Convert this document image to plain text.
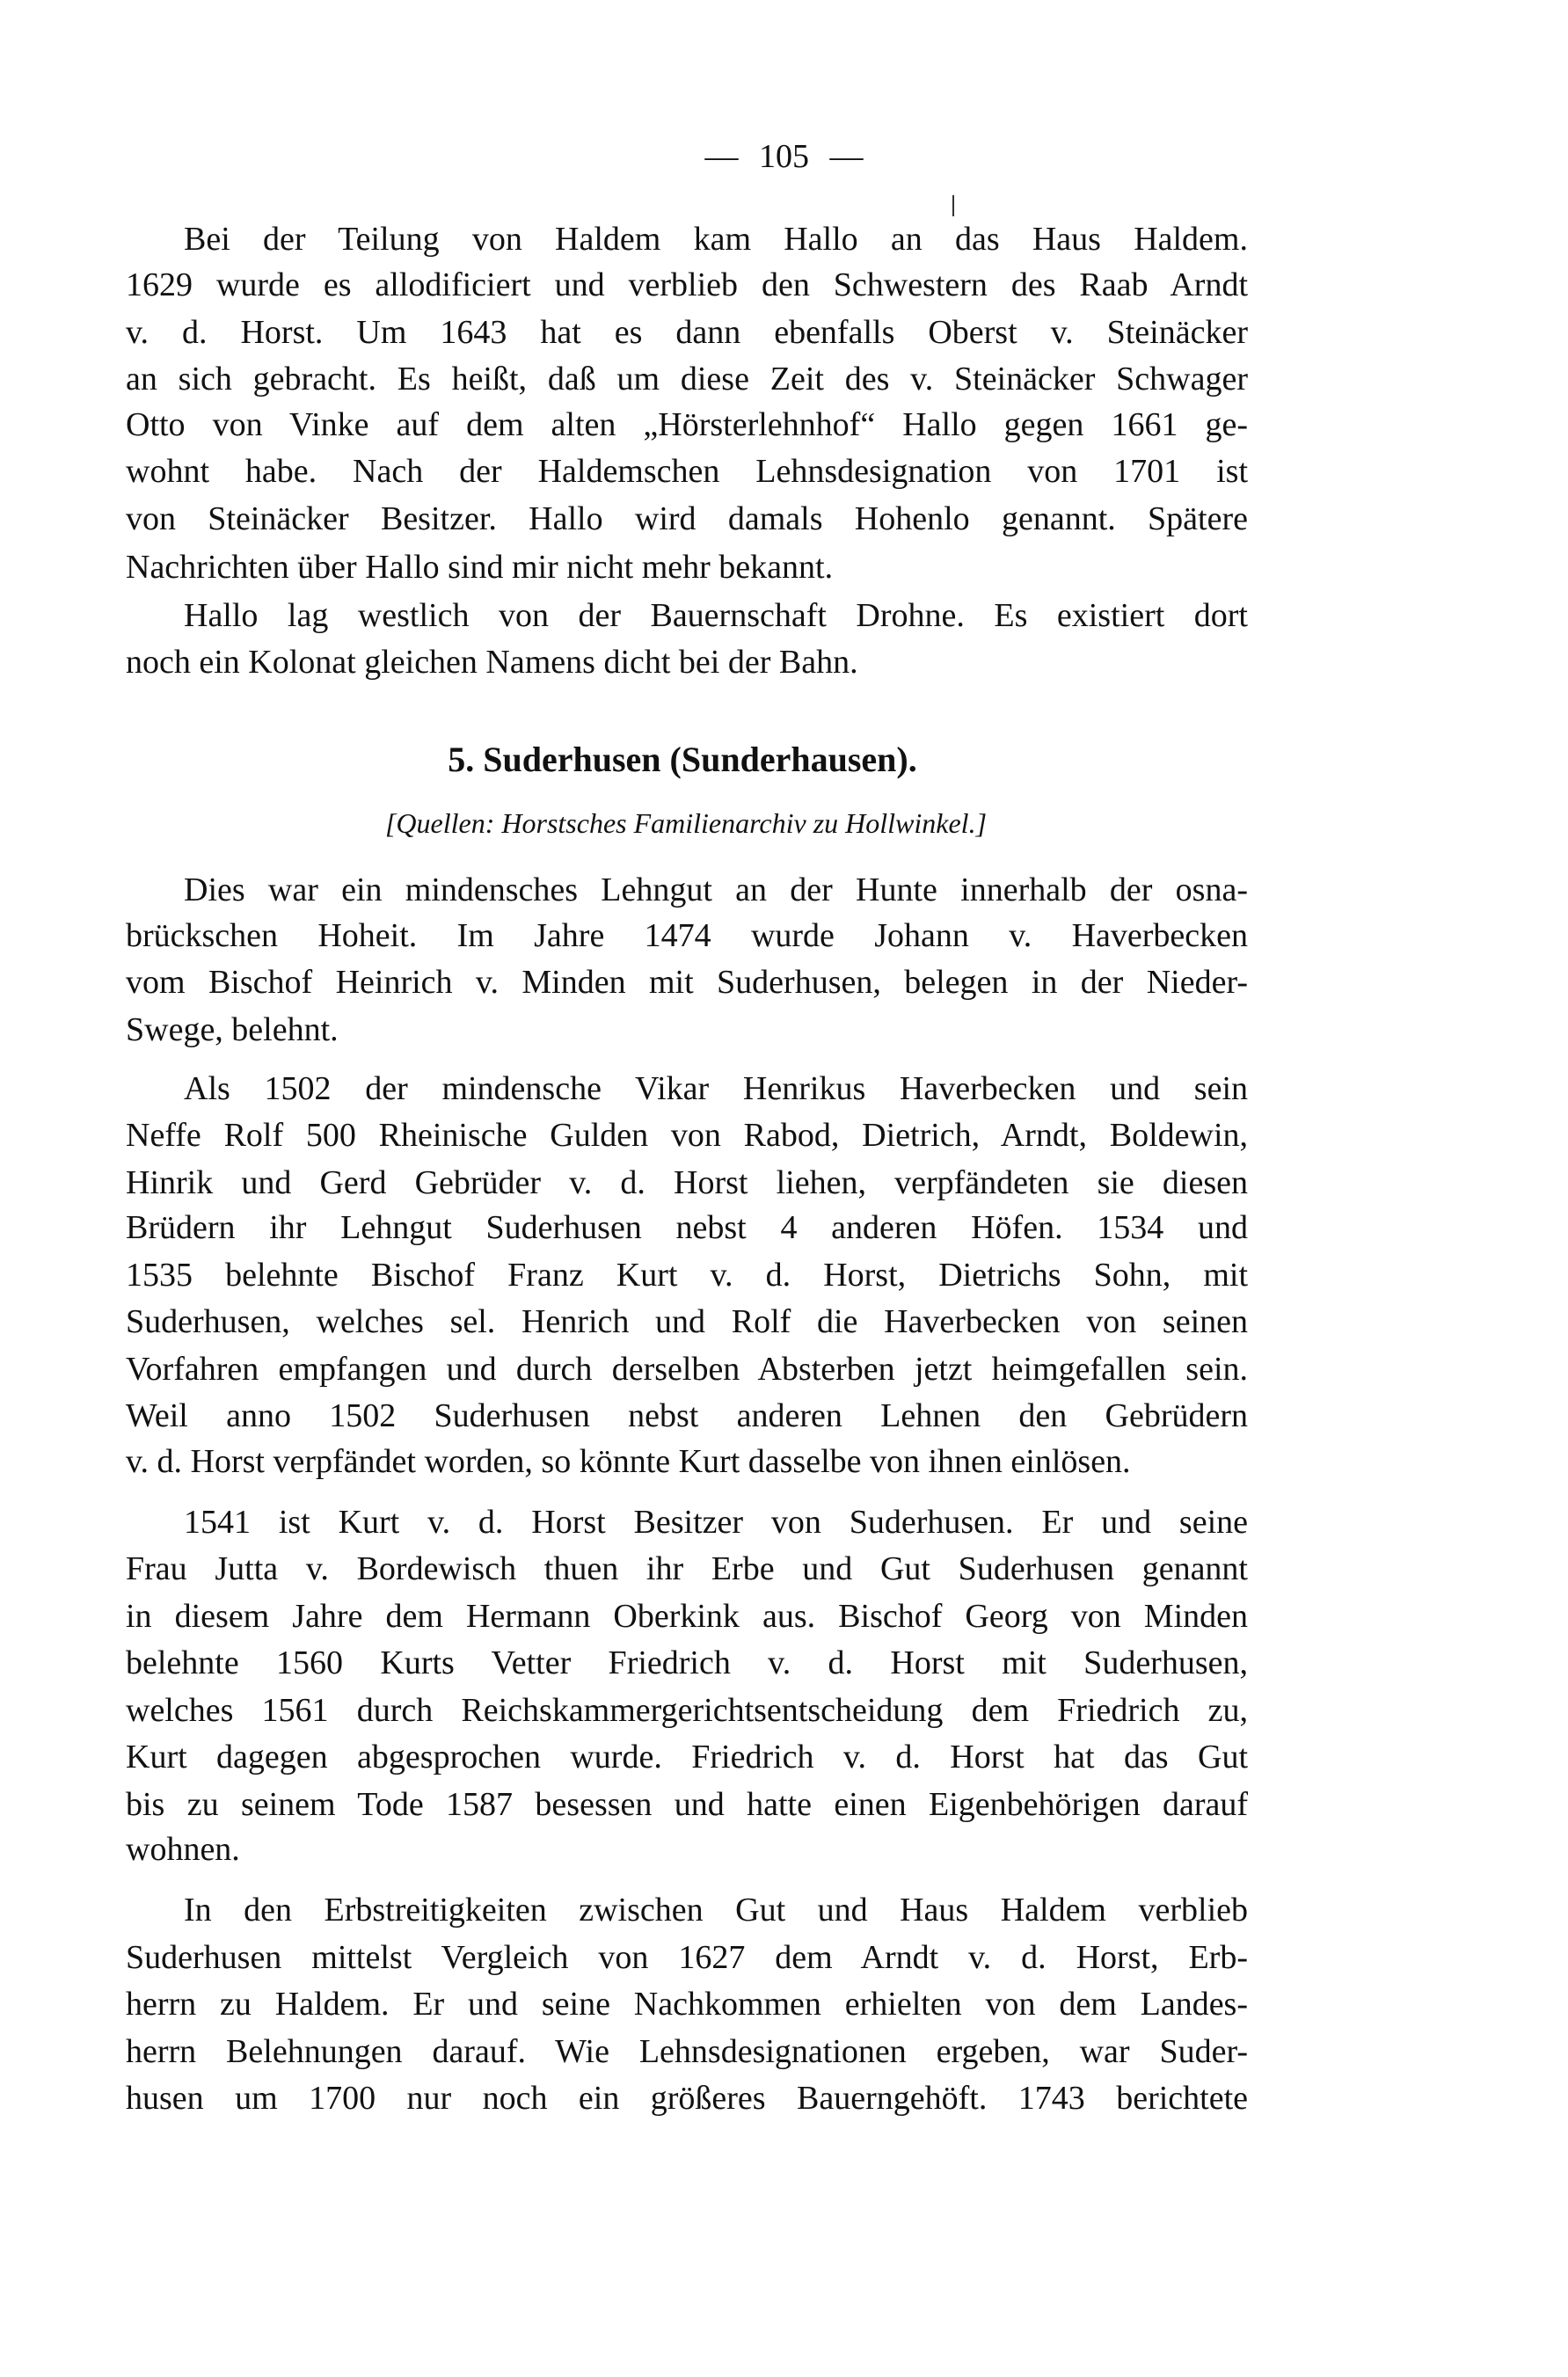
— 105 —
5. Suderhusen (Sunderhausen).
[Quellen: Horstsches Familienarchiv zu Hollwinkel.]
Bei der Teilung von Haldem kam Hallo an das Haus Haldem.
1629 wurde es allodificiert und verblieb den Schwestern des Raab Arndt
v. d. Horst. Um 1643 hat es dann ebenfalls Oberst v. Steinäcker
an sich gebracht. Es heißt, daß um diese Zeit des v. Steinäcker Schwager
Otto von Vinke auf dem alten „Hörsterlehnhof“ Hallo gegen 1661 ge-
wohnt habe. Nach der Haldemschen Lehnsdesignation von 1701 ist
von Steinäcker Besitzer. Hallo wird damals Hohenlo genannt. Spätere
Nachrichten über Hallo sind mir nicht mehr bekannt.
Hallo lag westlich von der Bauernschaft Drohne. Es existiert dort
noch ein Kolonat gleichen Namens dicht bei der Bahn.
Dies war ein mindensches Lehngut an der Hunte innerhalb der osna-
brückschen Hoheit. Im Jahre 1474 wurde Johann v. Haverbecken
vom Bischof Heinrich v. Minden mit Suderhusen, belegen in der Nieder-
Swege, belehnt.
Als 1502 der mindensche Vikar Henrikus Haverbecken und sein
Neffe Rolf 500 Rheinische Gulden von Rabod, Dietrich, Arndt, Boldewin,
Hinrik und Gerd Gebrüder v. d. Horst liehen, verpfändeten sie diesen
Brüdern ihr Lehngut Suderhusen nebst 4 anderen Höfen. 1534 und
1535 belehnte Bischof Franz Kurt v. d. Horst, Dietrichs Sohn, mit
Suderhusen, welches sel. Henrich und Rolf die Haverbecken von seinen
Vorfahren empfangen und durch derselben Absterben jetzt heimgefallen sein.
Weil anno 1502 Suderhusen nebst anderen Lehnen den Gebrüdern
v. d. Horst verpfändet worden, so könnte Kurt dasselbe von ihnen einlösen.
1541 ist Kurt v. d. Horst Besitzer von Suderhusen. Er und seine
Frau Jutta v. Bordewisch thuen ihr Erbe und Gut Suderhusen genannt
in diesem Jahre dem Hermann Oberkink aus. Bischof Georg von Minden
belehnte 1560 Kurts Vetter Friedrich v. d. Horst mit Suderhusen,
welches 1561 durch Reichskammergerichtsentscheidung dem Friedrich zu,
Kurt dagegen abgesprochen wurde. Friedrich v. d. Horst hat das Gut
bis zu seinem Tode 1587 besessen und hatte einen Eigenbehörigen darauf
wohnen.
In den Erbstreitigkeiten zwischen Gut und Haus Haldem verblieb
Suderhusen mittelst Vergleich von 1627 dem Arndt v. d. Horst, Erb-
herrn zu Haldem. Er und seine Nachkommen erhielten von dem Landes-
herrn Belehnungen darauf. Wie Lehnsdesignationen ergeben, war Suder-
husen um 1700 nur noch ein größeres Bauerngehöft. 1743 berichtete
